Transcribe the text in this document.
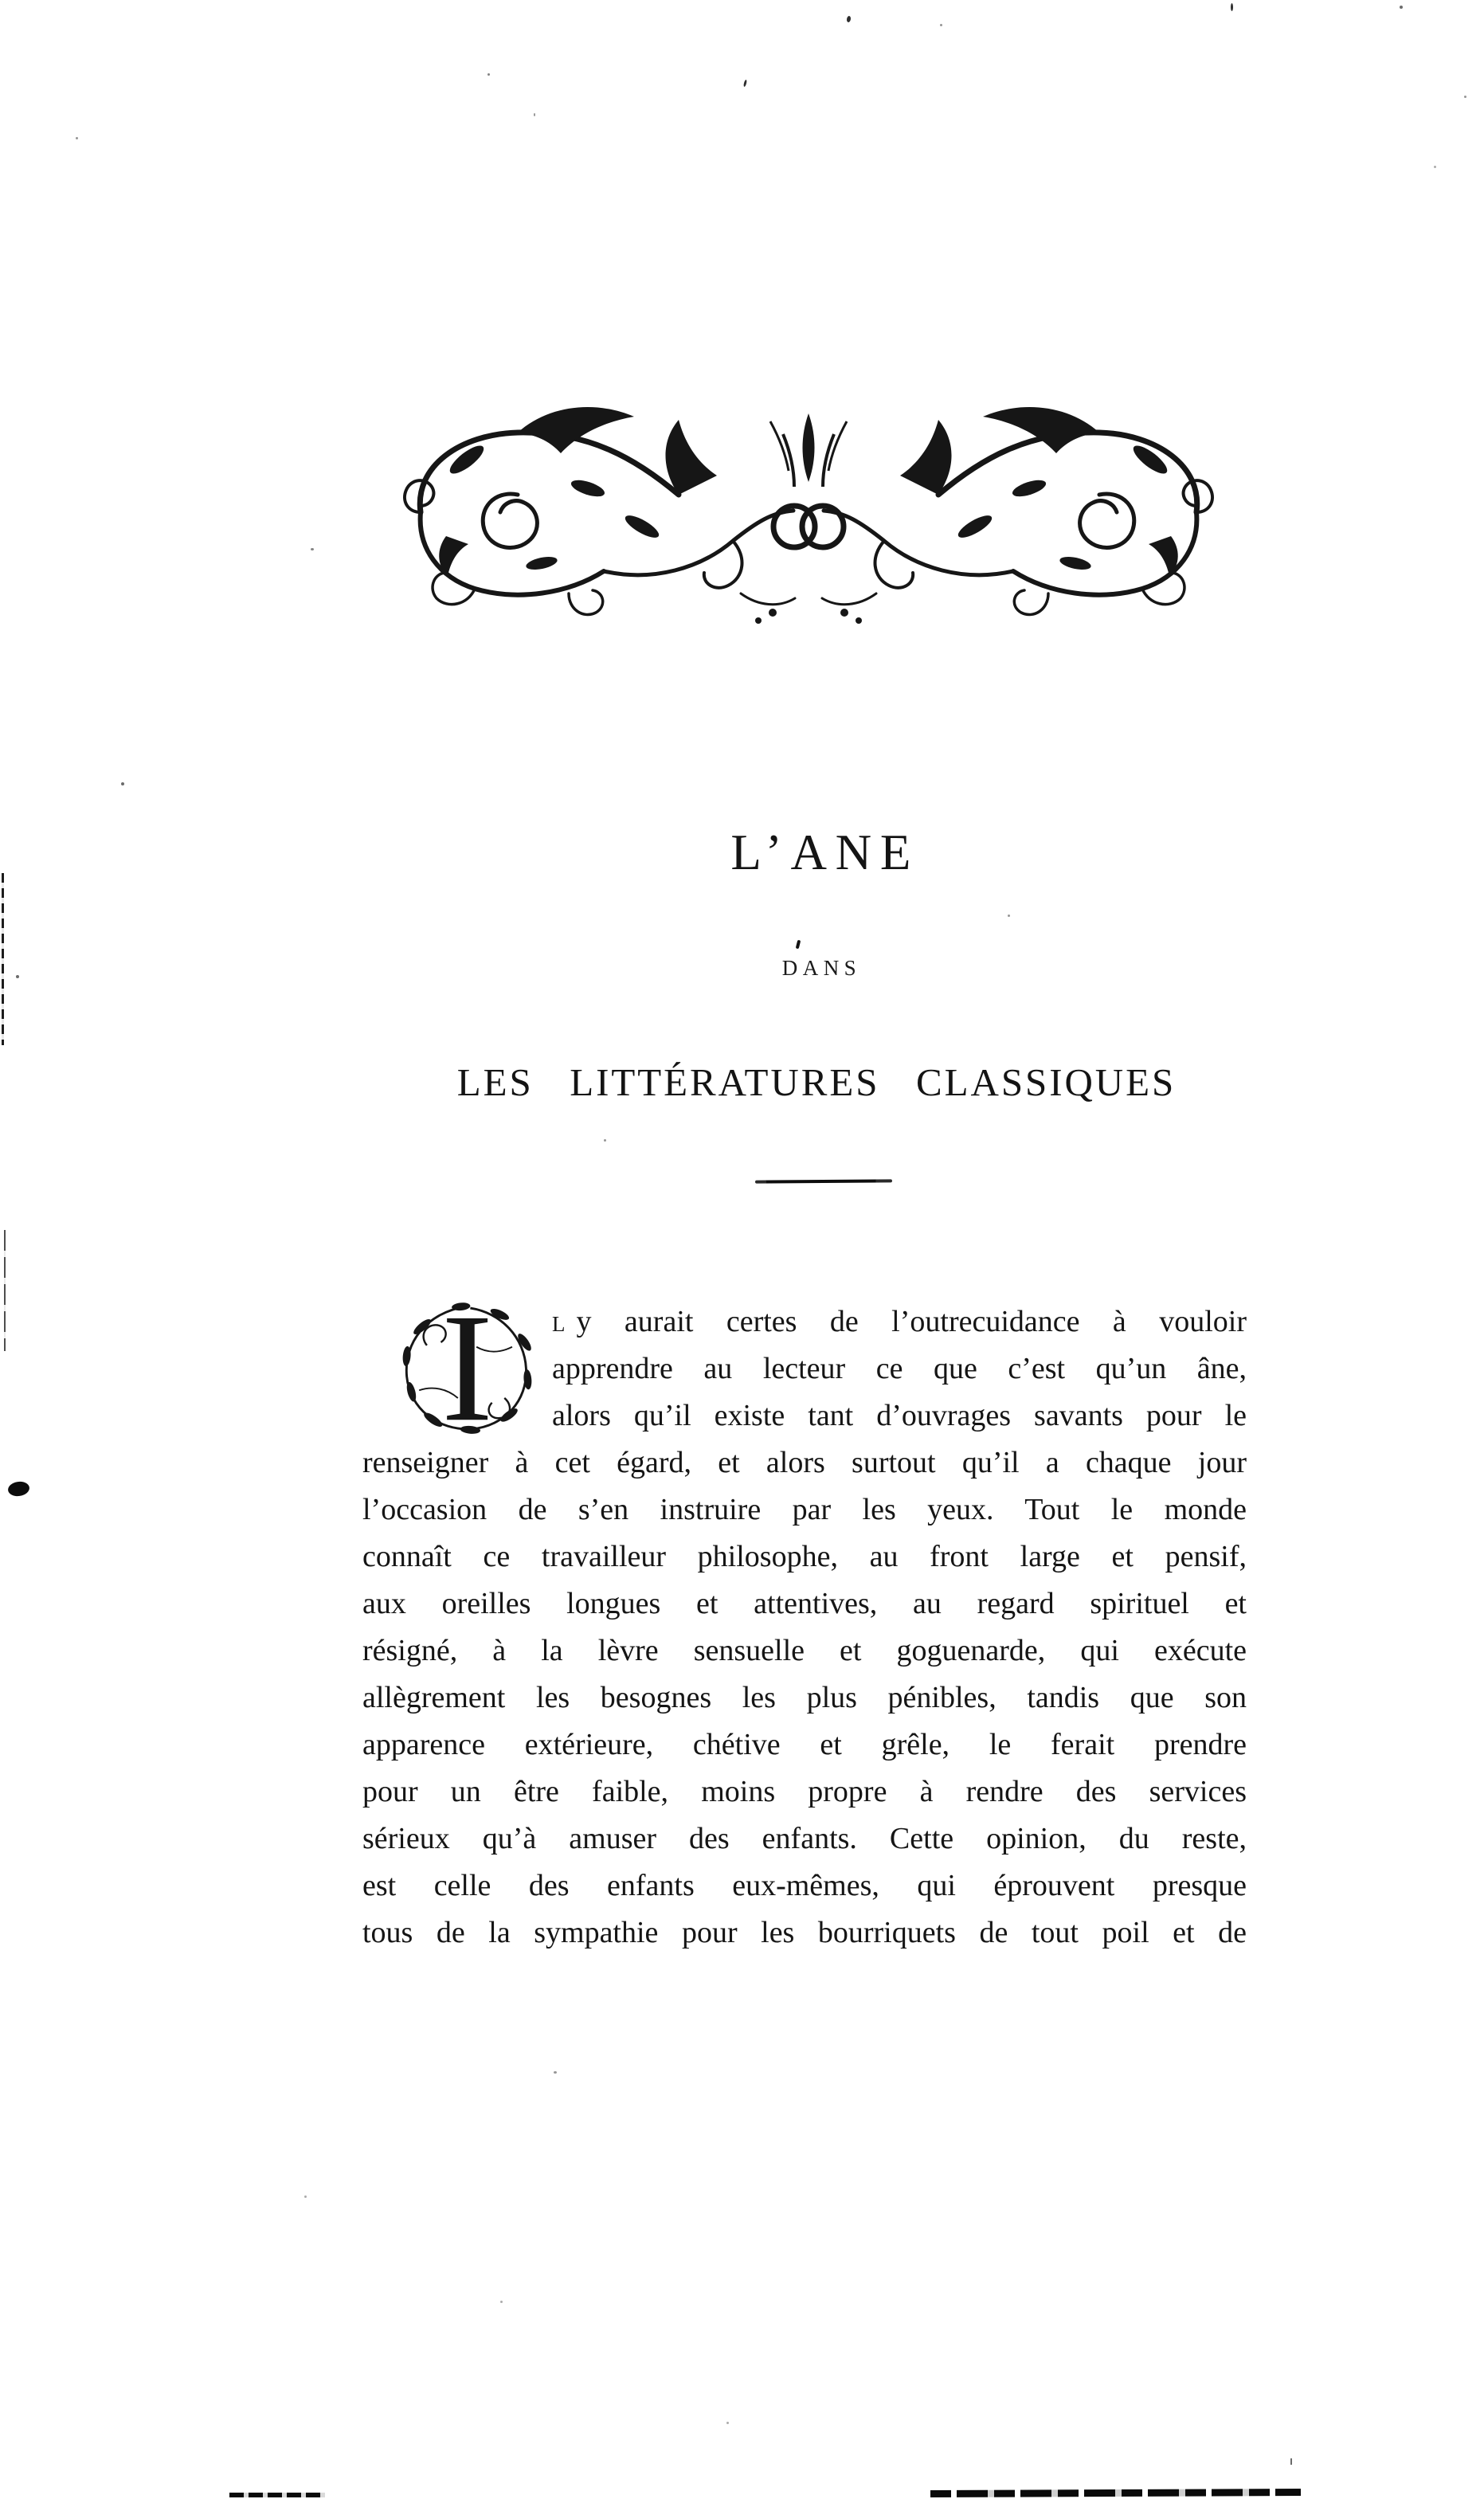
L’ANE
DANS
LES LITTÉRATURES CLASSIQUES
I	L y aurait certes de l’outrecuidance à vouloir
apprendre au lecteur ce que c’est qu’un âne,
alors qu’il existe tant d’ouvrages savants pour le
renseigner à cet égard, et alors surtout qu’il a chaque jour
l’occasion de s’en instruire par les yeux. Tout le monde
connaît ce travailleur philosophe, au front large et pensif,
aux oreilles longues et attentives, au regard spirituel et
résigné, à la lèvre sensuelle et goguenarde, qui exécute
allègrement les besognes les plus pénibles, tandis que son
apparence extérieure, chétive et grêle, le ferait prendre
pour un être faible, moins propre à rendre des services
sérieux qu’à amuser des enfants. Cette opinion, du reste,
est celle des enfants eux-mêmes, qui éprouvent presque
tous de la sympathie pour les bourriquets de tout poil et de
